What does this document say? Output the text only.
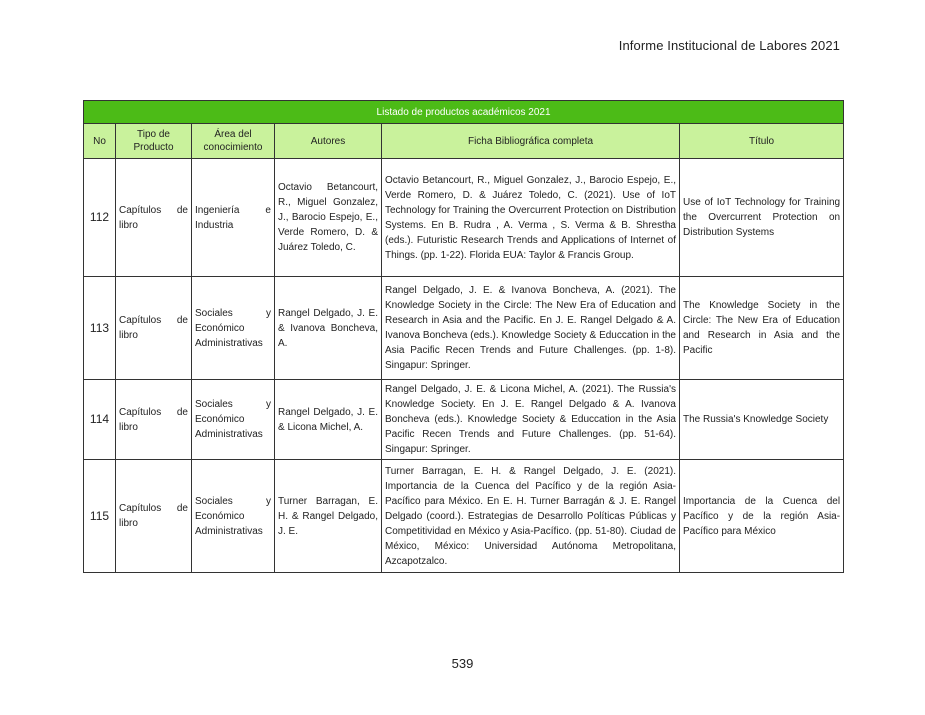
Informe Institucional de Labores 2021
Listado de productos académicos 2021					
No	Tipo de Producto	Área del conocimiento	Autores	Ficha Bibliográfica completa	Título
112	Capítulos de libro	Ingeniería e Industria	Octavio Betancourt, R., Miguel Gonzalez, J., Barocio Espejo, E., Verde Romero, D. & Juárez Toledo, C.	Octavio Betancourt, R., Miguel Gonzalez, J., Barocio Espejo, E., Verde Romero, D. & Juárez Toledo, C. (2021). Use of IoT Technology for Training the Overcurrent Protection on Distribution Systems. En B. Rudra , A. Verma , S. Verma & B. Shrestha (eds.). Futuristic Research Trends and Applications of Internet of Things. (pp. 1-22). Florida EUA: Taylor & Francis Group.	Use of IoT Technology for Training the Overcurrent Protection on Distribution Systems
113	Capítulos de libro	Sociales y Económico Administrativas	Rangel Delgado, J. E. & Ivanova Boncheva, A.	Rangel Delgado, J. E. & Ivanova Boncheva, A. (2021). The Knowledge Society in the Circle: The New Era of Education and Research in Asia and the Pacific. En J. E. Rangel Delgado & A. Ivanova Boncheva (eds.). Knowledge Society & Educcation in the Asia Pacific Recen Trends and Future Challenges. (pp. 1-8). Singapur: Springer.	The Knowledge Society in the Circle: The New Era of Education and Research in Asia and the Pacific
114	Capítulos de libro	Sociales y Económico Administrativas	Rangel Delgado, J. E. & Licona Michel, A.	Rangel Delgado, J. E. & Licona Michel, A. (2021). The Russia's Knowledge Society. En J. E. Rangel Delgado & A. Ivanova Boncheva (eds.). Knowledge Society & Educcation in the Asia Pacific Recen Trends and Future Challenges. (pp. 51-64). Singapur: Springer.	The Russia's Knowledge Society
115	Capítulos de libro	Sociales y Económico Administrativas	Turner Barragan, E. H. & Rangel Delgado, J. E.	Turner Barragan, E. H. & Rangel Delgado, J. E. (2021). Importancia de la Cuenca del Pacífico y de la región Asia-Pacífico para México. En E. H. Turner Barragán & J. E. Rangel Delgado (coord.). Estrategias de Desarrollo Políticas Públicas y Competitividad en México y Asia-Pacífico. (pp. 51-80). Ciudad de México, México: Universidad Autónoma Metropolitana, Azcapotzalco.	Importancia de la Cuenca del Pacífico y de la región Asia-Pacífico para México
539
